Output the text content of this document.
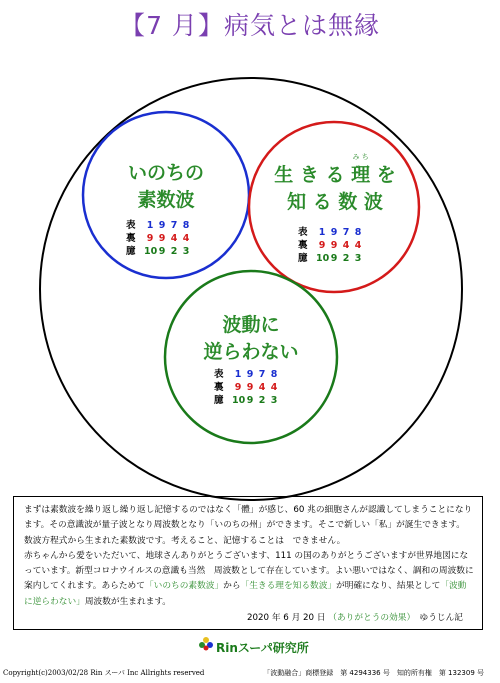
【7 月】病気とは無縁
いのちの
素数波
表 1 9 7 8
裏 9 9 4 4
臆 109 2 3
生 き る
み ち
理 を
知 る 数 波
表 1 9 7 8
裏 9 9 4 4
臆 109 2 3
波動に
逆らわない
表 1 9 7 8
裏 9 9 4 4
臆 109 2 3
まずは素数波を繰り返し繰り返し記憶するのではなく「
體」が感じ、60 兆の細胞さんが認識してしまうことになります。その意識波が量子波となり周波数となり「いのちの
州」ができます。そこで新しい「私」が誕生できます。
数波方程式から生まれた素数波です。考えること、記憶することは　できません。
赤ちゃんから愛をいただいて、地球さんありがとうございます、111 の国のありがとうございますが世界地図になっています。新型コロナウイルスの意識も当然　周波数として存在しています。よい悪いではなく、調和の周波数に案内してくれます。あらためて「いのちの素数波」から「生きる理を知る数波」が明確になり、結果として「波動に逆らわない」周波数が生まれます。
2020 年 6 月 20 日 （ありがとうの効果）　 ゆうじん記
Rinスーパ研究所
Copyright(c)2003/02/28 Rin スーパ Inc Allrights reserved	「波動融合」商標登録　第 4294336 号　知的所有権　第 132309 号
